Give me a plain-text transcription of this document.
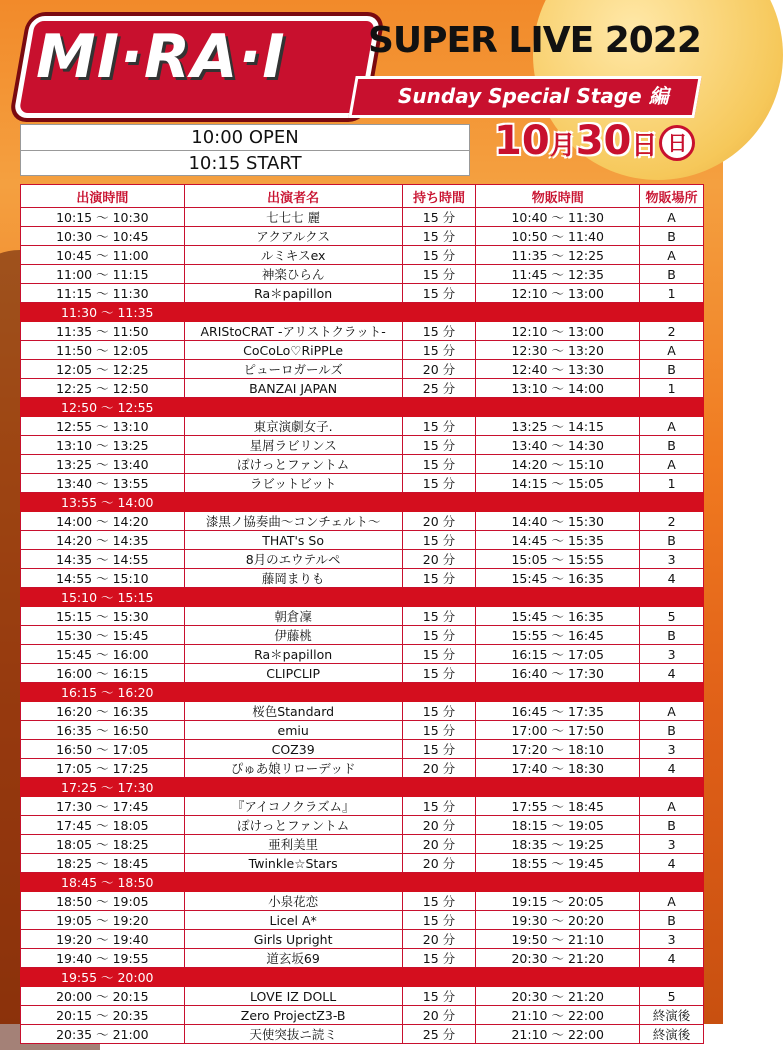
MI·RA·I SUPER LIVE 2022
Sunday Special Stage 編
10:00 OPEN
10:15 START	10月30日 日
出演時間	出演者名	持ち時間	物販時間	物販場所
10:15 ～ 10:30	七七七 麗	15 分	10:40 ～ 11:30	A
10:30 ～ 10:45	アクアルクス	15 分	10:50 ～ 11:40	B
10:45 ～ 11:00	ルミキスex	15 分	11:35 ～ 12:25	A
11:00 ～ 11:15	神楽ひらん	15 分	11:45 ～ 12:35	B
11:15 ～ 11:30	Ra＊papillon	15 分	12:10 ～ 13:00	1
11:30 ～ 11:35				
11:35 ～ 11:50	ARIStoCRAT -アリストクラット-	15 分	12:10 ～ 13:00	2
11:50 ～ 12:05	CoCoLo♡RiPPLe	15 分	12:30 ～ 13:20	A
12:05 ～ 12:25	ピューロガールズ	20 分	12:40 ～ 13:30	B
12:25 ～ 12:50	BANZAI JAPAN	25 分	13:10 ～ 14:00	1
12:50 ～ 12:55				
12:55 ～ 13:10	東京演劇女子.	15 分	13:25 ～ 14:15	A
13:10 ～ 13:25	星屑ラビリンス	15 分	13:40 ～ 14:30	B
13:25 ～ 13:40	ぽけっとファントム	15 分	14:20 ～ 15:10	A
13:40 ～ 13:55	ラビットビット	15 分	14:15 ～ 15:05	1
13:55 ～ 14:00				
14:00 ～ 14:20	漆黒ノ協奏曲～コンチェルト～	20 分	14:40 ～ 15:30	2
14:20 ～ 14:35	THAT's So	15 分	14:45 ～ 15:35	B
14:35 ～ 14:55	8月のエウテルペ	20 分	15:05 ～ 15:55	3
14:55 ～ 15:10	藤岡まりも	15 分	15:45 ～ 16:35	4
15:10 ～ 15:15				
15:15 ～ 15:30	朝倉凜	15 分	15:45 ～ 16:35	5
15:30 ～ 15:45	伊藤桃	15 分	15:55 ～ 16:45	B
15:45 ～ 16:00	Ra＊papillon	15 分	16:15 ～ 17:05	3
16:00 ～ 16:15	CLIPCLIP	15 分	16:40 ～ 17:30	4
16:15 ～ 16:20				
16:20 ～ 16:35	桜色Standard	15 分	16:45 ～ 17:35	A
16:35 ～ 16:50	emiu	15 分	17:00 ～ 17:50	B
16:50 ～ 17:05	COZ39	15 分	17:20 ～ 18:10	3
17:05 ～ 17:25	ぴゅあ娘リローデッド	20 分	17:40 ～ 18:30	4
17:25 ～ 17:30				
17:30 ～ 17:45	『アイコノクラズム』	15 分	17:55 ～ 18:45	A
17:45 ～ 18:05	ぽけっとファントム	20 分	18:15 ～ 19:05	B
18:05 ～ 18:25	亜利美里	20 分	18:35 ～ 19:25	3
18:25 ～ 18:45	Twinkle☆Stars	20 分	18:55 ～ 19:45	4
18:45 ～ 18:50				
18:50 ～ 19:05	小泉花恋	15 分	19:15 ～ 20:05	A
19:05 ～ 19:20	Licel A*	15 分	19:30 ～ 20:20	B
19:20 ～ 19:40	Girls Upright	20 分	19:50 ～ 21:10	3
19:40 ～ 19:55	道玄坂69	15 分	20:30 ～ 21:20	4
19:55 ～ 20:00				
20:00 ～ 20:15	LOVE IZ DOLL	15 分	20:30 ～ 21:20	5
20:15 ～ 20:35	Zero ProjectZ3-B	20 分	21:10 ～ 22:00	終演後
20:35 ～ 21:00	天使突抜ニ読ミ	25 分	21:10 ～ 22:00	終演後
